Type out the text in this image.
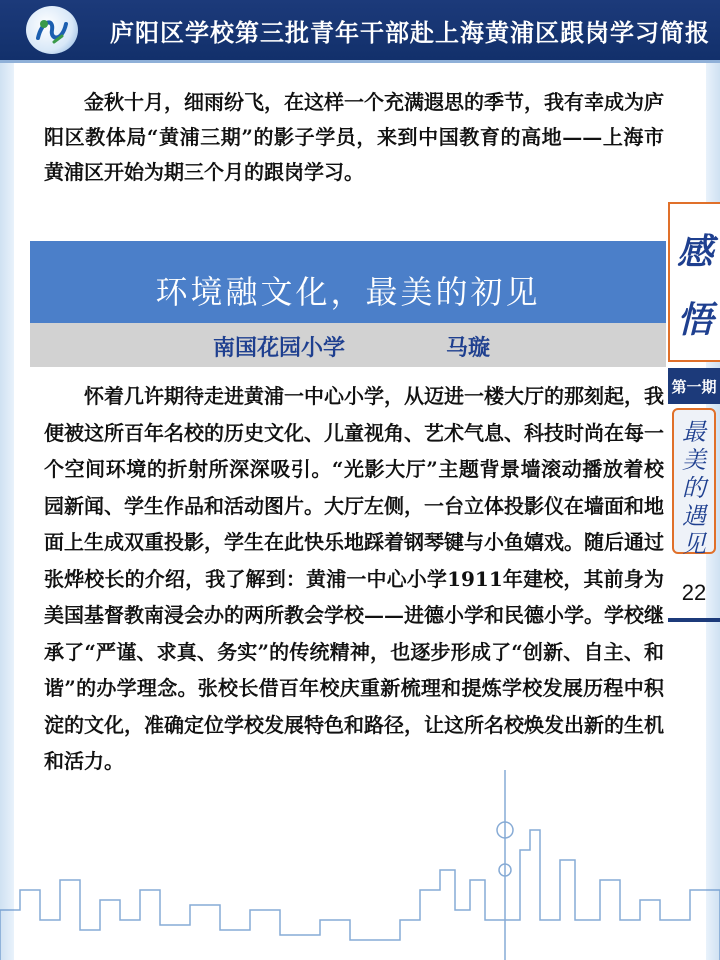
庐阳区学校第三批青年干部赴上海黄浦区跟岗学习简报

金秋十月，细雨纷飞，在这样一个充满遐思的季节，我有幸成为庐阳区教体局“黄浦三期”的影子学员，来到中国教育的高地——上海市黄浦区开始为期三个月的跟岗学习。

环境融文化，最美的初见
南国花园小学	马璇

怀着几许期待走进黄浦一中心小学，从迈进一楼大厅的那刻起，我便被这所百年名校的历史文化、儿童视角、艺术气息、科技时尚在每一个空间环境的折射所深深吸引。“光影大厅”主题背景墙滚动播放着校园新闻、学生作品和活动图片。大厅左侧，一台立体投影仪在墙面和地面上生成双重投影，学生在此快乐地踩着钢琴键与小鱼嬉戏。随后通过张烨校长的介绍，我了解到：黄浦一中心小学1911年建校，其前身为美国基督教南浸会办的两所教会学校——进德小学和民德小学。学校继承了“严谨、求真、务实”的传统精神，也逐步形成了“创新、自主、和谐”的办学理念。张校长借百年校庆重新梳理和提炼学校发展历程中积淀的文化，准确定位学校发展特色和路径，让这所名校焕发出新的生机和活力。

感
悟
第一期
最
美
的
遇
见
22
